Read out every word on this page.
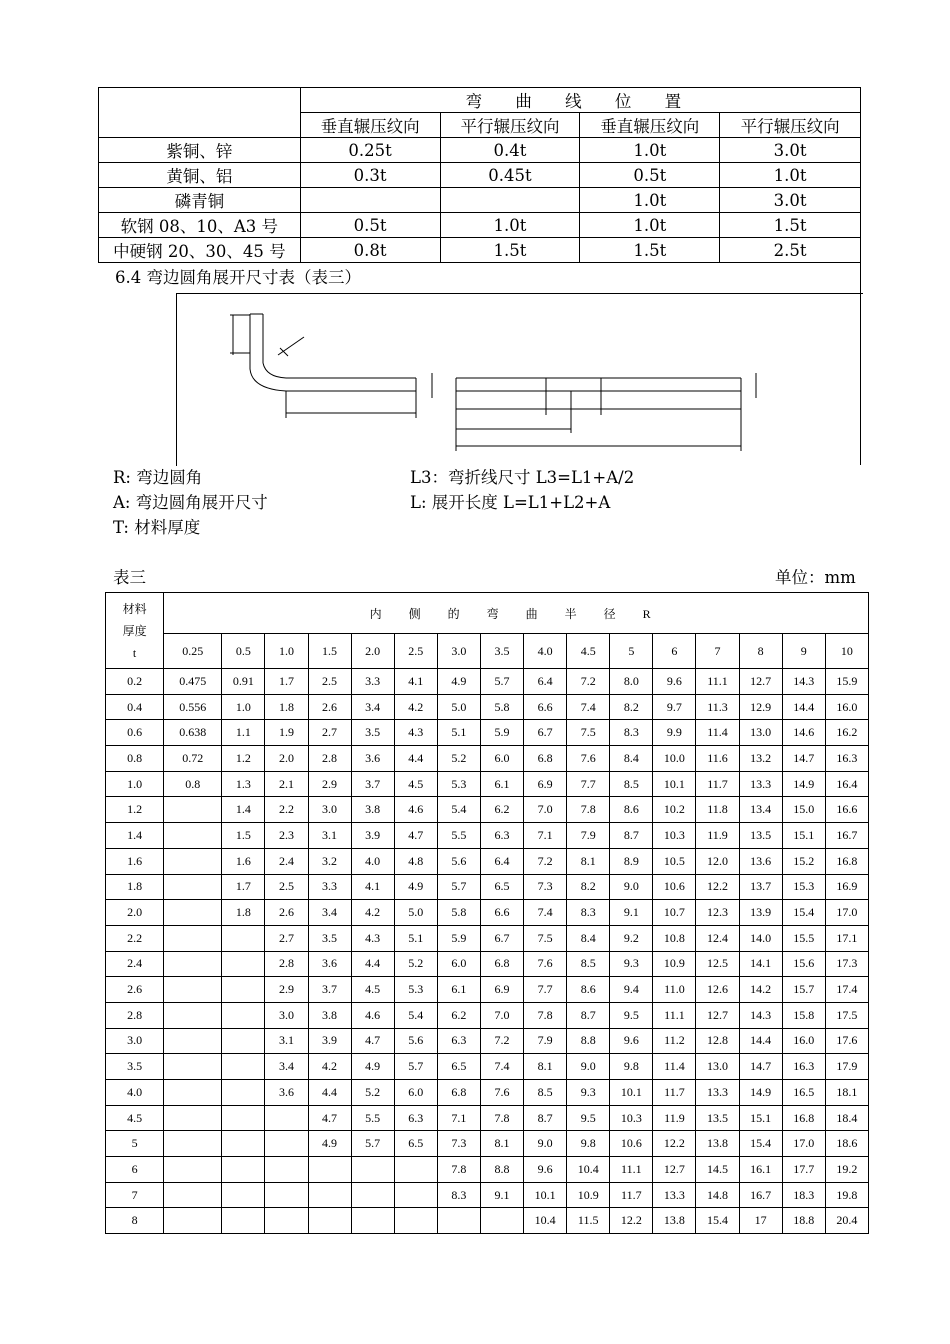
	弯 曲 线 位 置			
	垂直辗压纹向	平行辗压纹向	垂直辗压纹向	平行辗压纹向
紫铜、锌	0.25t	0.4t	1.0t	3.0t
黄铜、铝	0.3t	0.45t	0.5t	1.0t
磷青铜			1.0t	3.0t
软钢 08、10、A3 号	0.5t	1.0t	1.0t	1.5t
中硬钢 20、30、45 号	0.8t	1.5t	1.5t	2.5t
6.4 弯边圆角展开尺寸表（表三）
R: 弯边圆角
A: 弯边圆角展开尺寸
T: 材料厚度
L3：弯折线尺寸 L3=L1+A/2
L: 展开长度 L=L1+L2+A
表三	单位：mm
材料
厚度
t	内 侧 的 弯 曲 半 径 R															
	0.25	0.5	1.0	1.5	2.0	2.5	3.0	3.5	4.0	4.5	5	6	7	8	9	10
0.2	0.475	0.91	1.7	2.5	3.3	4.1	4.9	5.7	6.4	7.2	8.0	9.6	11.1	12.7	14.3	15.9
0.4	0.556	1.0	1.8	2.6	3.4	4.2	5.0	5.8	6.6	7.4	8.2	9.7	11.3	12.9	14.4	16.0
0.6	0.638	1.1	1.9	2.7	3.5	4.3	5.1	5.9	6.7	7.5	8.3	9.9	11.4	13.0	14.6	16.2
0.8	0.72	1.2	2.0	2.8	3.6	4.4	5.2	6.0	6.8	7.6	8.4	10.0	11.6	13.2	14.7	16.3
1.0	0.8	1.3	2.1	2.9	3.7	4.5	5.3	6.1	6.9	7.7	8.5	10.1	11.7	13.3	14.9	16.4
1.2		1.4	2.2	3.0	3.8	4.6	5.4	6.2	7.0	7.8	8.6	10.2	11.8	13.4	15.0	16.6
1.4		1.5	2.3	3.1	3.9	4.7	5.5	6.3	7.1	7.9	8.7	10.3	11.9	13.5	15.1	16.7
1.6		1.6	2.4	3.2	4.0	4.8	5.6	6.4	7.2	8.1	8.9	10.5	12.0	13.6	15.2	16.8
1.8		1.7	2.5	3.3	4.1	4.9	5.7	6.5	7.3	8.2	9.0	10.6	12.2	13.7	15.3	16.9
2.0		1.8	2.6	3.4	4.2	5.0	5.8	6.6	7.4	8.3	9.1	10.7	12.3	13.9	15.4	17.0
2.2			2.7	3.5	4.3	5.1	5.9	6.7	7.5	8.4	9.2	10.8	12.4	14.0	15.5	17.1
2.4			2.8	3.6	4.4	5.2	6.0	6.8	7.6	8.5	9.3	10.9	12.5	14.1	15.6	17.3
2.6			2.9	3.7	4.5	5.3	6.1	6.9	7.7	8.6	9.4	11.0	12.6	14.2	15.7	17.4
2.8			3.0	3.8	4.6	5.4	6.2	7.0	7.8	8.7	9.5	11.1	12.7	14.3	15.8	17.5
3.0			3.1	3.9	4.7	5.6	6.3	7.2	7.9	8.8	9.6	11.2	12.8	14.4	16.0	17.6
3.5			3.4	4.2	4.9	5.7	6.5	7.4	8.1	9.0	9.8	11.4	13.0	14.7	16.3	17.9
4.0			3.6	4.4	5.2	6.0	6.8	7.6	8.5	9.3	10.1	11.7	13.3	14.9	16.5	18.1
4.5				4.7	5.5	6.3	7.1	7.8	8.7	9.5	10.3	11.9	13.5	15.1	16.8	18.4
5				4.9	5.7	6.5	7.3	8.1	9.0	9.8	10.6	12.2	13.8	15.4	17.0	18.6
6							7.8	8.8	9.6	10.4	11.1	12.7	14.5	16.1	17.7	19.2
7							8.3	9.1	10.1	10.9	11.7	13.3	14.8	16.7	18.3	19.8
8									10.4	11.5	12.2	13.8	15.4	17	18.8	20.4
